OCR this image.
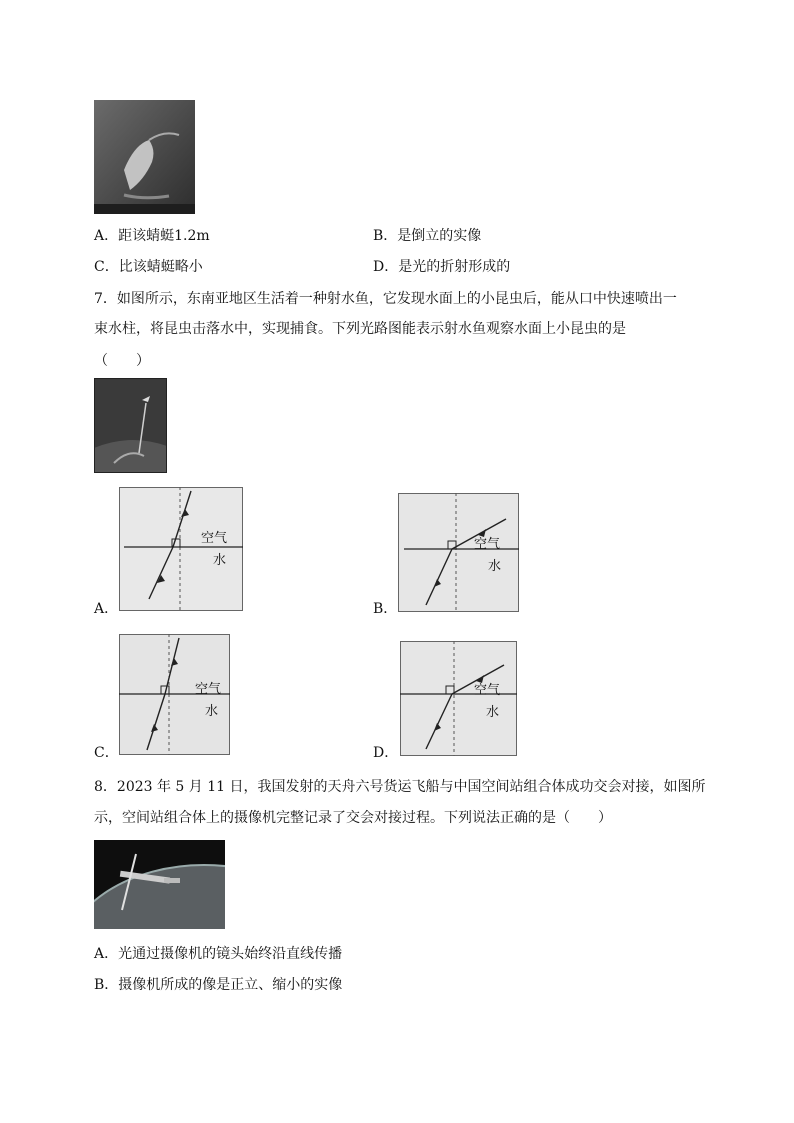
A．距该蜻蜓1.2m	B．是倒立的实像
C．比该蜻蜓略小	D．是光的折射形成的
7．如图所示，东南亚地区生活着一种射水鱼，它发现水面上的小昆虫后，能从口中快速喷出一
束水柱，将昆虫击落水中，实现捕食。下列光路图能表示射水鱼观察水面上小昆虫的是
（　　）
A．
空气
水
B．
空气
水
C．
空气
水
D．
空气
水
8．2023 年 5 月 11 日，我国发射的天舟六号货运飞船与中国空间站组合体成功交会对接，如图所
示，空间站组合体上的摄像机完整记录了交会对接过程。下列说法正确的是（　　）
A．光通过摄像机的镜头始终沿直线传播
B．摄像机所成的像是正立、缩小的实像
